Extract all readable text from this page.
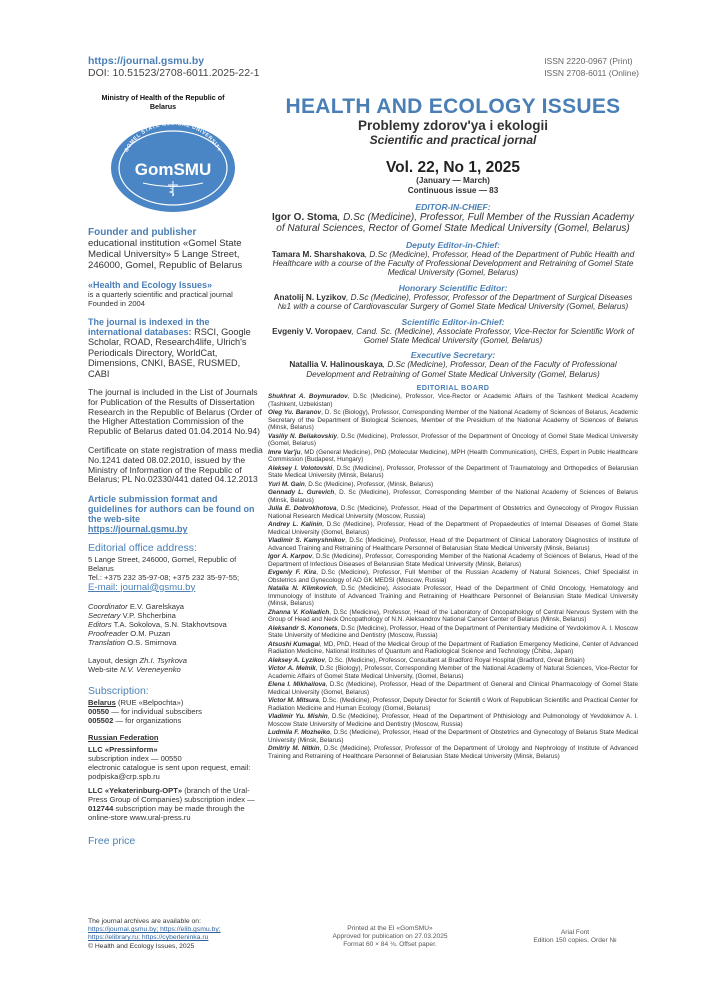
https://journal.gsmu.by
DOI: 10.51523/2708-6011.2025-22-1
ISSN 2220-0967 (Print)
ISSN 2708-6011 (Online)
Ministry of Health of the Republic of Belarus
GOMEL STATE MEDICAL UNIVERSITY
GomSMU
Founder and publisher
educational institution «Gomel State Medical University» 5 Lange Street, 246000, Gomel, Republic of Belarus
«Health and Ecology Issues»
is a quarterly scientific and practical journal Founded in 2004
The journal is indexed in the international databases: RSCI, Google Scholar, ROAD, Research4life, Ulrich's Periodicals Directory, WorldCat, Dimensions, CNKI, BASE, RUSMED, CABI
The journal is included in the List of Journals for Publication of the Results of Dissertation Research in the Republic of Belarus (Order of the Higher Attestation Commission of the Republic of Belarus dated 01.04.2014 No.94)
Certificate on state registration of mass media No.1241 dated 08.02.2010, issued by the Ministry of Information of the Republic of Belarus; PL No.02330/441 dated 04.12.2013
Article submission format and guidelines for authors can be found on the web-site
https://journal.gsmu.by
Editorial office address:
5 Lange Street, 246000, Gomel, Republic of Belarus
Tel.: +375 232 35-97-08; +375 232 35-97-55;
E-mail: journal@gsmu.by
Coordinator E.V. Garelskaya
Secretary V.P. Shcherbina
Editors T.A. Sokolova, S.N. Stakhovtsova
Proofreader O.M. Puzan
Translation O.S. Smirnova
Layout, design Zh.I. Tsyrkova
Web-site N.V. Vereneyenko
Subscription:
Belarus (RUE «Belpochta»)
00550 — for individual subscibers
005502 — for organizations
Russian Federation
LLC «Pressinform»
subscription index — 00550
electronic catalogue is sent upon request, email: podpiska@crp.spb.ru
LLC «Yekaterinburg-OPT» (branch of the Ural-Press Group of Companies) subscription index — 012744 subscription may be made through the online-store www.ural-press.ru
Free price
HEALTH AND ECOLOGY ISSUES
Problemy zdorov'ya i ekologii
Scientific and practical jornal
Vol. 22, No 1, 2025
(January — March)
Continuous issue — 83
EDITOR-IN-CHIEF:
Igor O. Stoma, D.Sc (Medicine), Professor, Full Member of the Russian Academy of Natural Sciences, Rector of Gomel State Medical University (Gomel, Belarus)
Deputy Editor-in-Chief:
Tamara M. Sharshakova, D.Sc (Medicine), Professor, Head of the Department of Public Health and Healthcare with a course of the Faculty of Professional Development and Retraining of Gomel State Medical University (Gomel, Belarus)
Honorary Scientific Editor:
Anatolij N. Lyzikov, D.Sc (Medicine), Professor, Professor of the Department of Surgical Diseases №1 with a course of Cardiovascular Surgery of Gomel State Medical University (Gomel, Belarus)
Scientific Editor-in-Chief:
Evgeniy V. Voropaev, Cand. Sc. (Medicine), Associate Professor, Vice-Rector for Scientific Work of Gomel State Medical University (Gomel, Belarus)
Executive Secretary:
Natallia V. Halinouskaya, D.Sc (Medicine), Professor, Dean of the Faculty of Professional Development and Retraining of Gomel State Medical University (Gomel, Belarus)
EDITORIAL BOARD
Shukhrat A. Boymuradov, D.Sc (Medicine), Professor, Vice-Rector or Academic Affairs of the Tashkent Medical Academy (Tashkent, Uzbekistan)
Oleg Yu. Baranov, D. Sc (Biology), Professor, Corresponding Member of the National Academy of Sciences of Belarus, Academic Secretary of the Department of Biological Sciences, Member of the Presidium of the National Academy of Sciences of Belarus (Minsk, Belarus)
Vasiliy N. Beliakovskiy, D.Sc (Medicine), Professor, Professor of the Department of Oncology of Gomel State Medical University (Gomel, Belarus)
Imre Var'ju, MD (General Medicine), PhD (Molecular Medicine), MPH (Health Communication), CHES, Expert in Public Healthcare Commission (Budapest, Hungary)
Aleksey I. Volotovski, D.Sc (Medicine), Professor, Professor of the Department of Traumatology and Orthopedics of Belarusian State Medical University (Minsk, Belarus)
Yuri M. Gain, D.Sc (Medicine), Professor, (Minsk, Belarus)
Gennady L. Gurevich, D. Sc (Medicine), Professor, Corresponding Member of the National Academy of Sciences of Belarus (Minsk, Belarus)
Julia E. Dobrokhotova, D.Sc (Medicine), Professor, Head of the Department of Obstetrics and Gynecology of Pirogov Russian National Research Medical University (Moscow, Russia)
Andrey L. Kalinin, D.Sc (Medicine), Professor, Head of the Department of Propaedeutics of Internal Diseases of Gomel State Medical University (Gomel, Belarus)
Vladimir S. Kamyshnikov, D.Sc (Medicine), Professor, Head of the Department of Clinical Laboratory Diagnostics of Institute of Advanced Training and Retraining of Healthcare Personnel of Belarusian State Medical University (Minsk, Belarus)
Igor A. Karpov, D.Sc (Medicine), Professor, Corresponding Member of the National Academy of Sciences of Belarus, Head of the Department of Infectious Diseases of Belarusian State Medical University (Minsk, Belarus)
Evgeniy F. Kira, D.Sc (Medicine), Professor, Full Member of the Russian Academy of Natural Sciences, Chief Specialist in Obstetrics and Gynecology of AO GK MEDSI (Moscow, Russia)
Natalia N. Klimkovich, D.Sc (Medicine), Associate Professor, Head of the Department of Child Oncology, Hematology and Immunology of Institute of Advanced Training and Retraining of Healthcare Personnel of Belarusian State Medical University (Minsk, Belarus)
Zhanna V. Koliadich, D.Sc (Medicine), Professor, Head of the Laboratory of Oncopathology of Central Nervous System with the Group of Head and Neck Oncopathology of N.N. Aleksandrov National Cancer Center of Belarus (Minsk, Belarus)
Aleksandr S. Kononets, D.Sc (Medicine), Professor, Head of the Department of Penitentiary Medicine of Yevdokimov A. I. Moscow State University of Medicine and Dentistry (Moscow, Russia)
Atsushi Kumagai, MD, PhD, Head of the Medical Group of the Department of Radiation Emergency Medicine, Center of Advanced Radiation Medicine, National Institutes of Quantum and Radiological Science and Technology (Chiba, Japan)
Aleksey A. Lyzikov, D.Sc. (Medicine), Professor, Consultant at Bradford Royal Hospital (Bradford, Great Britain)
Victor A. Melnik, D.Sc (Biology), Professor, Corresponding Member of the National Academy of Natural Sciences, Vice-Rector for Academic Affairs of Gomel State Medical University, (Gomel, Belarus)
Elena I. Mikhailova, D.Sc (Medicine), Professor, Head of the Department of General and Clinical Pharmacology of Gomel State Medical University (Gomel, Belarus)
Victor M. Mitsura, D.Sc. (Medicine), Professor, Deputy Director for Scientifi c Work of Republican Scientific and Practical Center for Radiation Medicine and Human Ecology (Gomel, Belarus)
Vladimir Yu. Mishin, D.Sc (Medicine), Professor, Head of the Department of Phthisiology and Pulmonology of Yevdokimov A. I. Moscow State University of Medicine and Dentistry (Moscow, Russia)
Ludmila F. Mozheiko, D.Sc (Medicine), Professor, Head of the Department of Obstetrics and Gynecology of Belarus State Medical University (Minsk, Belarus)
Dmitriy M. Nitkin, D.Sc (Medicine), Professor, Professor of the Department of Urology and Nephrology of Institute of Advanced Training and Retraining of Healthcare Personnel of Belarusian State Medical University (Minsk, Belarus)
The journal archives are available on:
https://journal.gsmu.by; https://elib.gsmu.by;
https://elibrary.ru; https://cyberleninka.ru
© Health and Ecology Issues, 2025
Printed at the EI «GomSMU»
Approved for publication on 27.03.2025
Format 60 × 84 ⅛. Offset paper.
Arial Font
Edition 150 copies. Order №
